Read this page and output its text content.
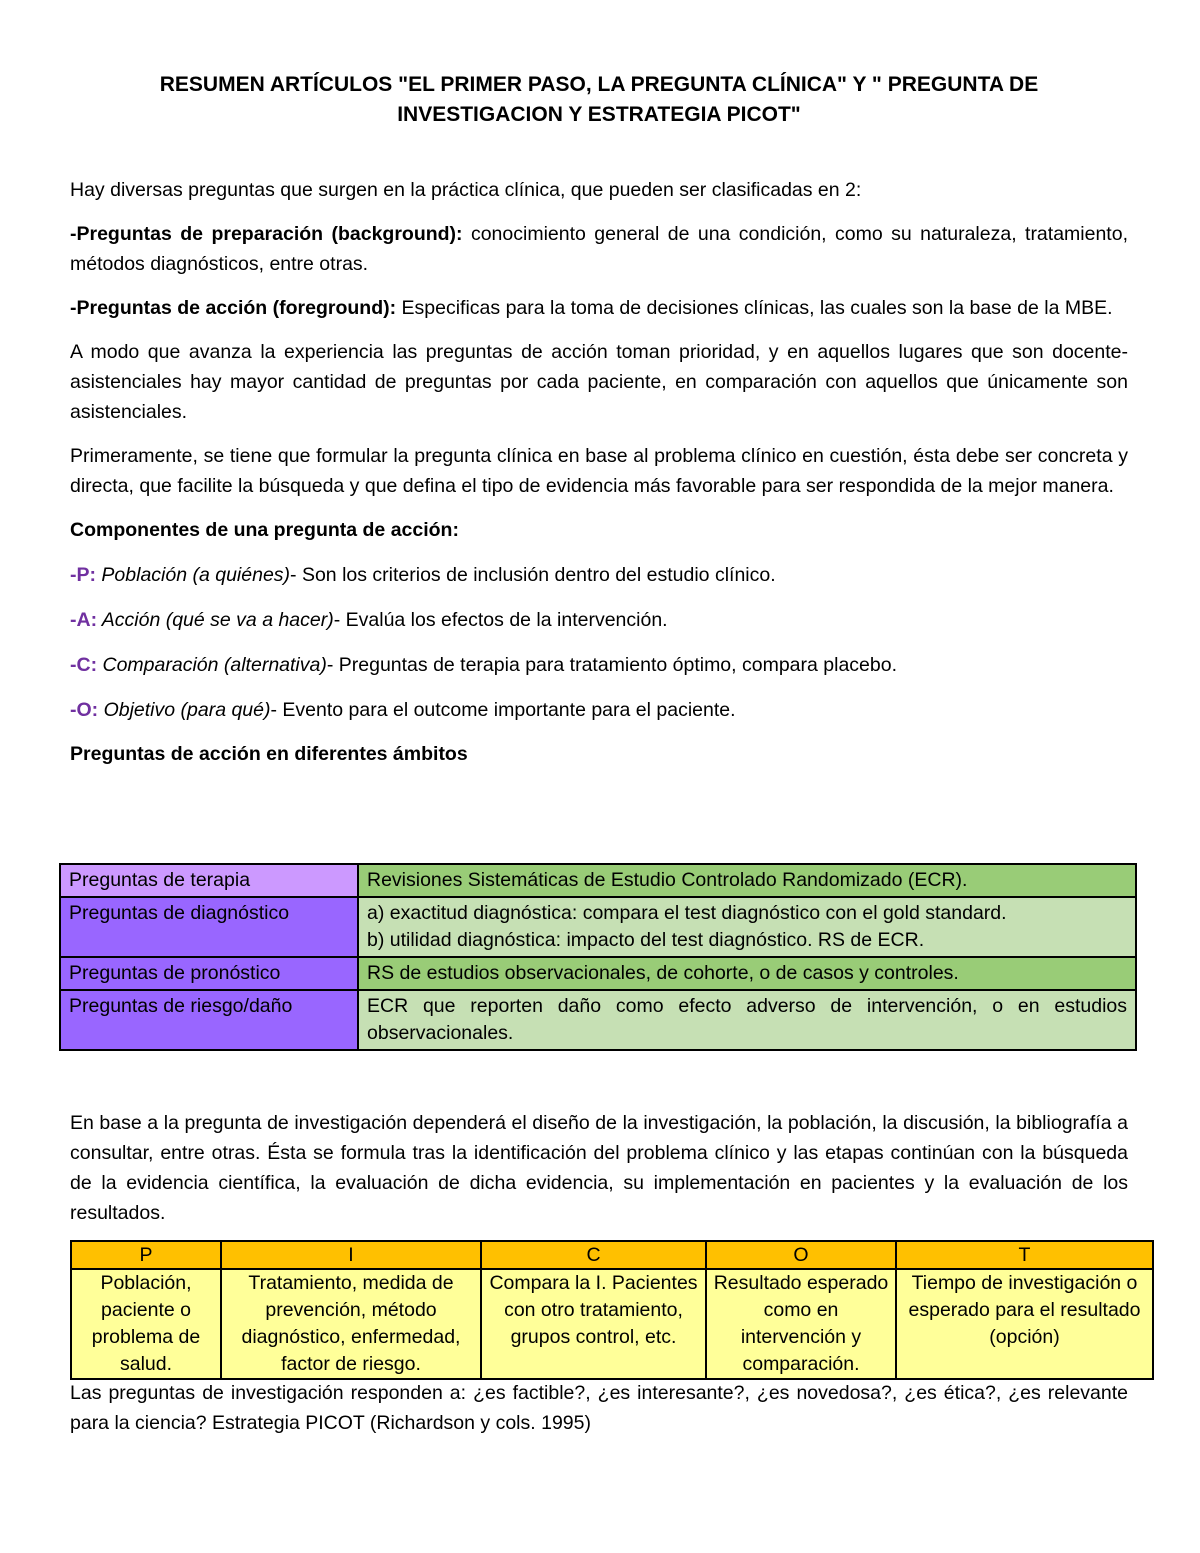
RESUMEN ARTÍCULOS "EL PRIMER PASO, LA PREGUNTA CLÍNICA" Y " PREGUNTA DE INVESTIGACION Y ESTRATEGIA PICOT"

Hay diversas preguntas que surgen en la práctica clínica, que pueden ser clasificadas en 2:

-Preguntas de preparación (background): conocimiento general de una condición, como su naturaleza, tratamiento, métodos diagnósticos, entre otras.

-Preguntas de acción (foreground): Especificas para la toma de decisiones clínicas, las cuales son la base de la MBE.

A modo que avanza la experiencia las preguntas de acción toman prioridad, y en aquellos lugares que son docente-asistenciales hay mayor cantidad de preguntas por cada paciente, en comparación con aquellos que únicamente son asistenciales.

Primeramente, se tiene que formular la pregunta clínica en base al problema clínico en cuestión, ésta debe ser concreta y directa, que facilite la búsqueda y que defina el tipo de evidencia más favorable para ser respondida de la mejor manera.

Componentes de una pregunta de acción:

-P: Población (a quiénes)- Son los criterios de inclusión dentro del estudio clínico.

-A: Acción (qué se va a hacer)- Evalúa los efectos de la intervención.

-C: Comparación (alternativa)- Preguntas de terapia para tratamiento óptimo, compara placebo.

-O: Objetivo (para qué)- Evento para el outcome importante para el paciente.

Preguntas de acción en diferentes ámbitos

Preguntas de terapia	Revisiones Sistemáticas de Estudio Controlado Randomizado (ECR).
Preguntas de diagnóstico	a) exactitud diagnóstica: compara el test diagnóstico con el gold standard.
b) utilidad diagnóstica: impacto del test diagnóstico. RS de ECR.

Preguntas de pronóstico	RS de estudios observacionales, de cohorte, o de casos y controles.
Preguntas de riesgo/daño	ECR que reporten daño como efecto adverso de intervención, o en estudios observacionales.

En base a la pregunta de investigación dependerá el diseño de la investigación, la población, la discusión, la bibliografía a consultar, entre otras. Ésta se formula tras la identificación del problema clínico y las etapas continúan con la búsqueda de la evidencia científica, la evaluación de dicha evidencia, su implementación en pacientes y la evaluación de los resultados.

P	I	C	O	T
Población, paciente o problema de salud.	Tratamiento, medida de prevención, método diagnóstico, enfermedad, factor de riesgo.	Compara la I. Pacientes con otro tratamiento, grupos control, etc.	Resultado esperado como en intervención y comparación.	Tiempo de investigación o esperado para el resultado (opción)

Las preguntas de investigación responden a: ¿es factible?, ¿es interesante?, ¿es novedosa?, ¿es ética?, ¿es relevante para la ciencia? Estrategia PICOT (Richardson y cols. 1995)
